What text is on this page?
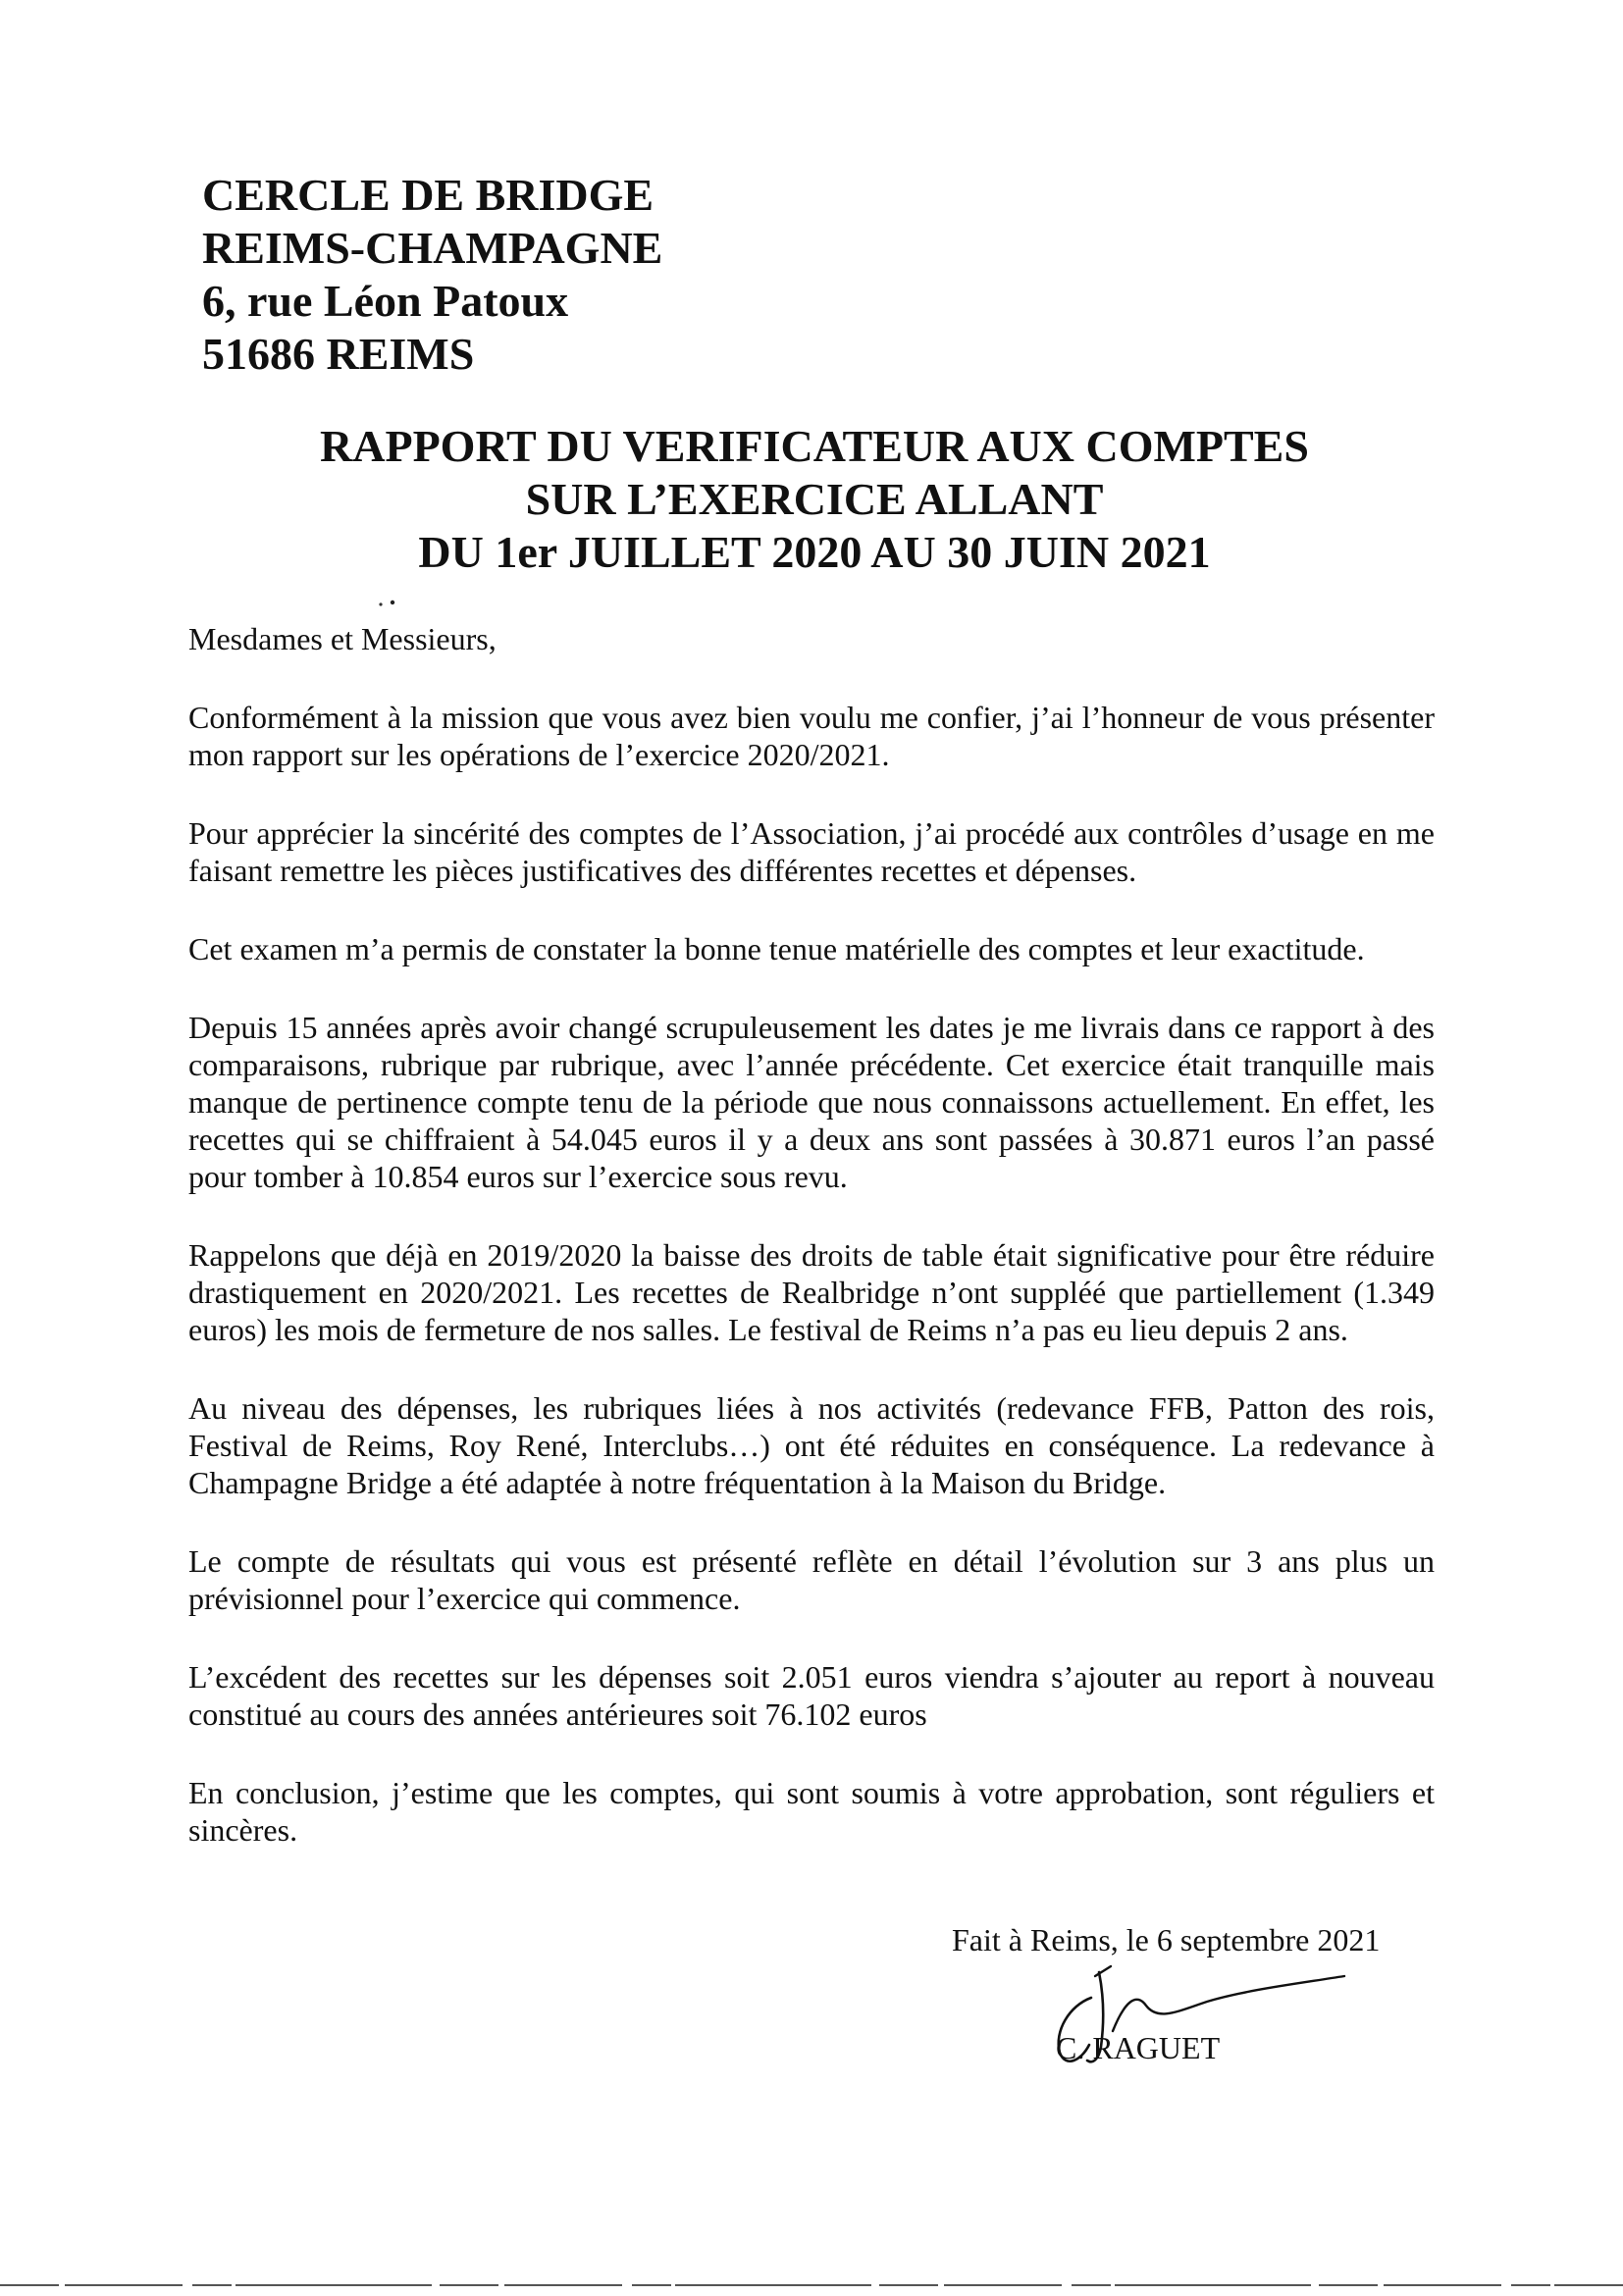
CERCLE DE BRIDGE
REIMS-CHAMPAGNE
6, rue Léon Patoux
51686 REIMS
RAPPORT DU VERIFICATEUR AUX COMPTES
SUR L’EXERCICE ALLANT
DU 1er JUILLET 2020 AU 30 JUIN 2021

Mesdames et Messieurs,

Conformément à la mission que vous avez bien voulu me confier, j’ai l’honneur de vous présenter mon rapport sur les opérations de l’exercice 2020/2021.

Pour apprécier la sincérité des comptes de l’Association, j’ai procédé aux contrôles d’usage en me faisant remettre les pièces justificatives des différentes recettes et dépenses.

Cet examen m’a permis de constater la bonne tenue matérielle des comptes et leur exactitude.

Depuis 15 années après avoir changé scrupuleusement les dates je me livrais dans ce rapport à des comparaisons, rubrique par rubrique, avec l’année précédente. Cet exercice était tranquille mais manque de pertinence compte tenu de la période que nous connaissons actuellement. En effet, les recettes qui se chiffraient à 54.045 euros il y a deux ans sont passées à 30.871 euros l’an passé pour tomber à 10.854 euros sur l’exercice sous revu.

Rappelons que déjà en 2019/2020 la baisse des droits de table était significative pour être réduire drastiquement en 2020/2021. Les recettes de Realbridge n’ont suppléé que partiellement (1.349 euros) les mois de fermeture de nos salles. Le festival de Reims n’a pas eu lieu depuis 2 ans.

Au niveau des dépenses, les rubriques liées à nos activités (redevance FFB, Patton des rois, Festival de Reims, Roy René, Interclubs…) ont été réduites en conséquence. La redevance à Champagne Bridge a été adaptée à notre fréquentation à la Maison du Bridge.

Le compte de résultats qui vous est présenté reflète en détail l’évolution sur 3 ans plus un prévisionnel pour l’exercice qui commence.

L’excédent des recettes sur les dépenses soit 2.051 euros viendra s’ajouter au report à nouveau constitué au cours des années antérieures soit 76.102 euros

En conclusion, j’estime que les comptes, qui sont soumis à votre approbation, sont réguliers et sincères.

Fait à Reims, le 6 septembre 2021
C. RAGUET
